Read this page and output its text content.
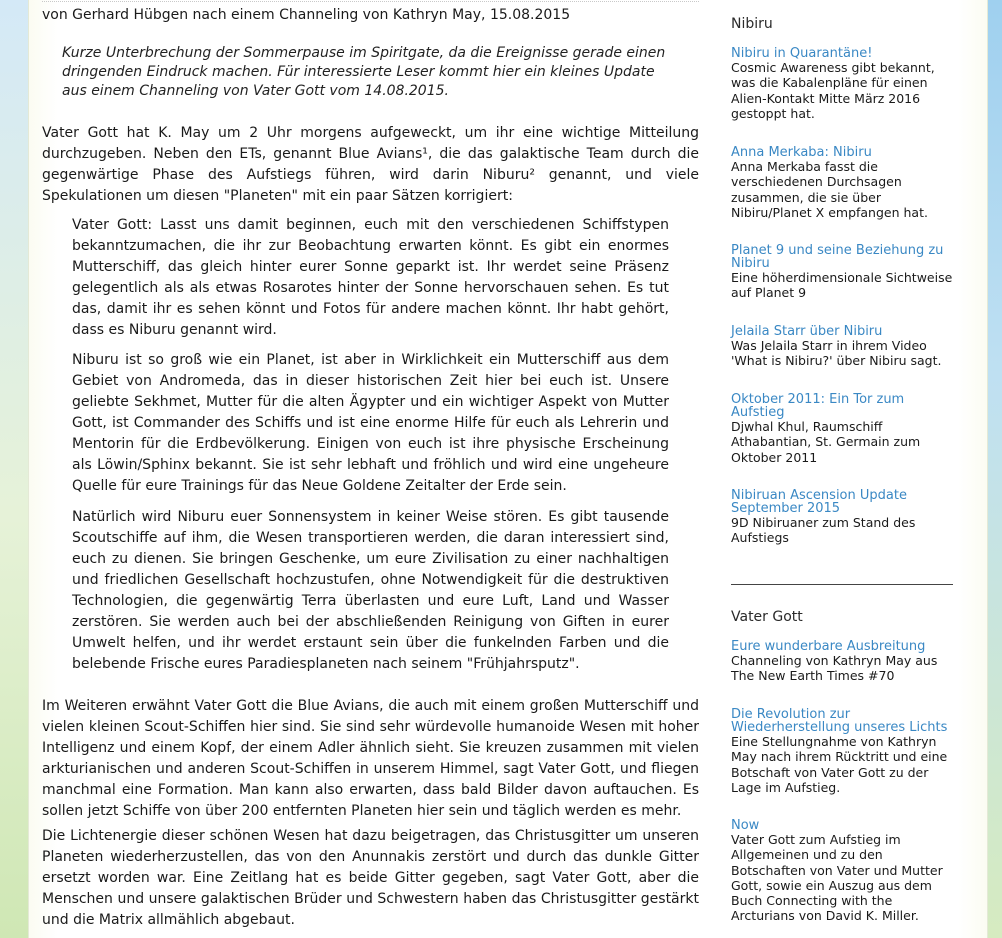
von Gerhard Hübgen nach einem Channeling von Kathryn May, 15.08.2015
Kurze Unterbrechung der Sommerpause im Spiritgate, da die Ereignisse gerade einen dringenden Eindruck machen. Für interessierte Leser kommt hier ein kleines Update aus einem Channeling von Vater Gott vom 14.08.2015.

Vater Gott hat K. May um 2 Uhr morgens aufgeweckt, um ihr eine wichtige Mitteilung durchzugeben. Neben den ETs, genannt Blue Avians¹, die das galaktische Team durch die gegenwärtige Phase des Aufstiegs führen, wird darin Niburu² genannt, und viele Spekulationen um diesen "Planeten" mit ein paar Sätzen korrigiert:

Vater Gott: Lasst uns damit beginnen, euch mit den verschiedenen Schiffstypen bekanntzumachen, die ihr zur Beobachtung erwarten könnt. Es gibt ein enormes Mutterschiff, das gleich hinter eurer Sonne geparkt ist. Ihr werdet seine Präsenz gelegentlich als als etwas Rosarotes hinter der Sonne hervorschauen sehen. Es tut das, damit ihr es sehen könnt und Fotos für andere machen könnt. Ihr habt gehört, dass es Niburu genannt wird.

Niburu ist so groß wie ein Planet, ist aber in Wirklichkeit ein Mutterschiff aus dem Gebiet von Andromeda, das in dieser historischen Zeit hier bei euch ist. Unsere geliebte Sekhmet, Mutter für die alten Ägypter und ein wichtiger Aspekt von Mutter Gott, ist Commander des Schiffs und ist eine enorme Hilfe für euch als Lehrerin und Mentorin für die Erdbevölkerung. Einigen von euch ist ihre physische Erscheinung als Löwin/Sphinx bekannt. Sie ist sehr lebhaft und fröhlich und wird eine ungeheure Quelle für eure Trainings für das Neue Goldene Zeitalter der Erde sein.

Natürlich wird Niburu euer Sonnensystem in keiner Weise stören. Es gibt tausende Scoutschiffe auf ihm, die Wesen transportieren werden, die daran interessiert sind, euch zu dienen. Sie bringen Geschenke, um eure Zivilisation zu einer nachhaltigen und friedlichen Gesellschaft hochzustufen, ohne Notwendigkeit für die destruktiven Technologien, die gegenwärtig Terra überlasten und eure Luft, Land und Wasser zerstören. Sie werden auch bei der abschließenden Reinigung von Giften in eurer Umwelt helfen, und ihr werdet erstaunt sein über die funkelnden Farben und die belebende Frische eures Paradiesplaneten nach seinem "Frühjahrsputz".

Im Weiteren erwähnt Vater Gott die Blue Avians, die auch mit einem großen Mutterschiff und vielen kleinen Scout-Schiffen hier sind. Sie sind sehr würdevolle humanoide Wesen mit hoher Intelligenz und einem Kopf, der einem Adler ähnlich sieht. Sie kreuzen zusammen mit vielen arkturianischen und anderen Scout-Schiffen in unserem Himmel, sagt Vater Gott, und fliegen manchmal eine Formation. Man kann also erwarten, dass bald Bilder davon auftauchen. Es sollen jetzt Schiffe von über 200 entfernten Planeten hier sein und täglich werden es mehr.

Die Lichtenergie dieser schönen Wesen hat dazu beigetragen, das Christusgitter um unseren Planeten wiederherzustellen, das von den Anunnakis zerstört und durch das dunkle Gitter ersetzt worden war. Eine Zeitlang hat es beide Gitter gegeben, sagt Vater Gott, aber die Menschen und unsere galaktischen Brüder und Schwestern haben das Christusgitter gestärkt und die Matrix allmählich abgebaut.

Nibiru
Nibiru in Quarantäne!
Cosmic Awareness gibt bekannt, was die Kabalenpläne für einen Alien-Kontakt Mitte März 2016 gestoppt hat.
Anna Merkaba: Nibiru
Anna Merkaba fasst die verschiedenen Durchsagen zusammen, die sie über Nibiru/Planet X empfangen hat.
Planet 9 und seine Beziehung zu Nibiru
Eine höherdimensionale Sichtweise auf Planet 9
Jelaila Starr über Nibiru
Was Jelaila Starr in ihrem Video 'What is Nibiru?' über Nibiru sagt.
Oktober 2011: Ein Tor zum Aufstieg
Djwhal Khul, Raumschiff Athabantian, St. Germain zum Oktober 2011
Nibiruan Ascension Update September 2015
9D Nibiruaner zum Stand des Aufstiegs
Vater Gott
Eure wunderbare Ausbreitung
Channeling von Kathryn May aus The New Earth Times #70
Die Revolution zur Wiederherstellung unseres Lichts
Eine Stellungnahme von Kathryn May nach ihrem Rücktritt und eine Botschaft von Vater Gott zu der Lage im Aufstieg.
Now
Vater Gott zum Aufstieg im Allgemeinen und zu den Botschaften von Vater und Mutter Gott, sowie ein Auszug aus dem Buch Connecting with the Arcturians von David K. Miller.
